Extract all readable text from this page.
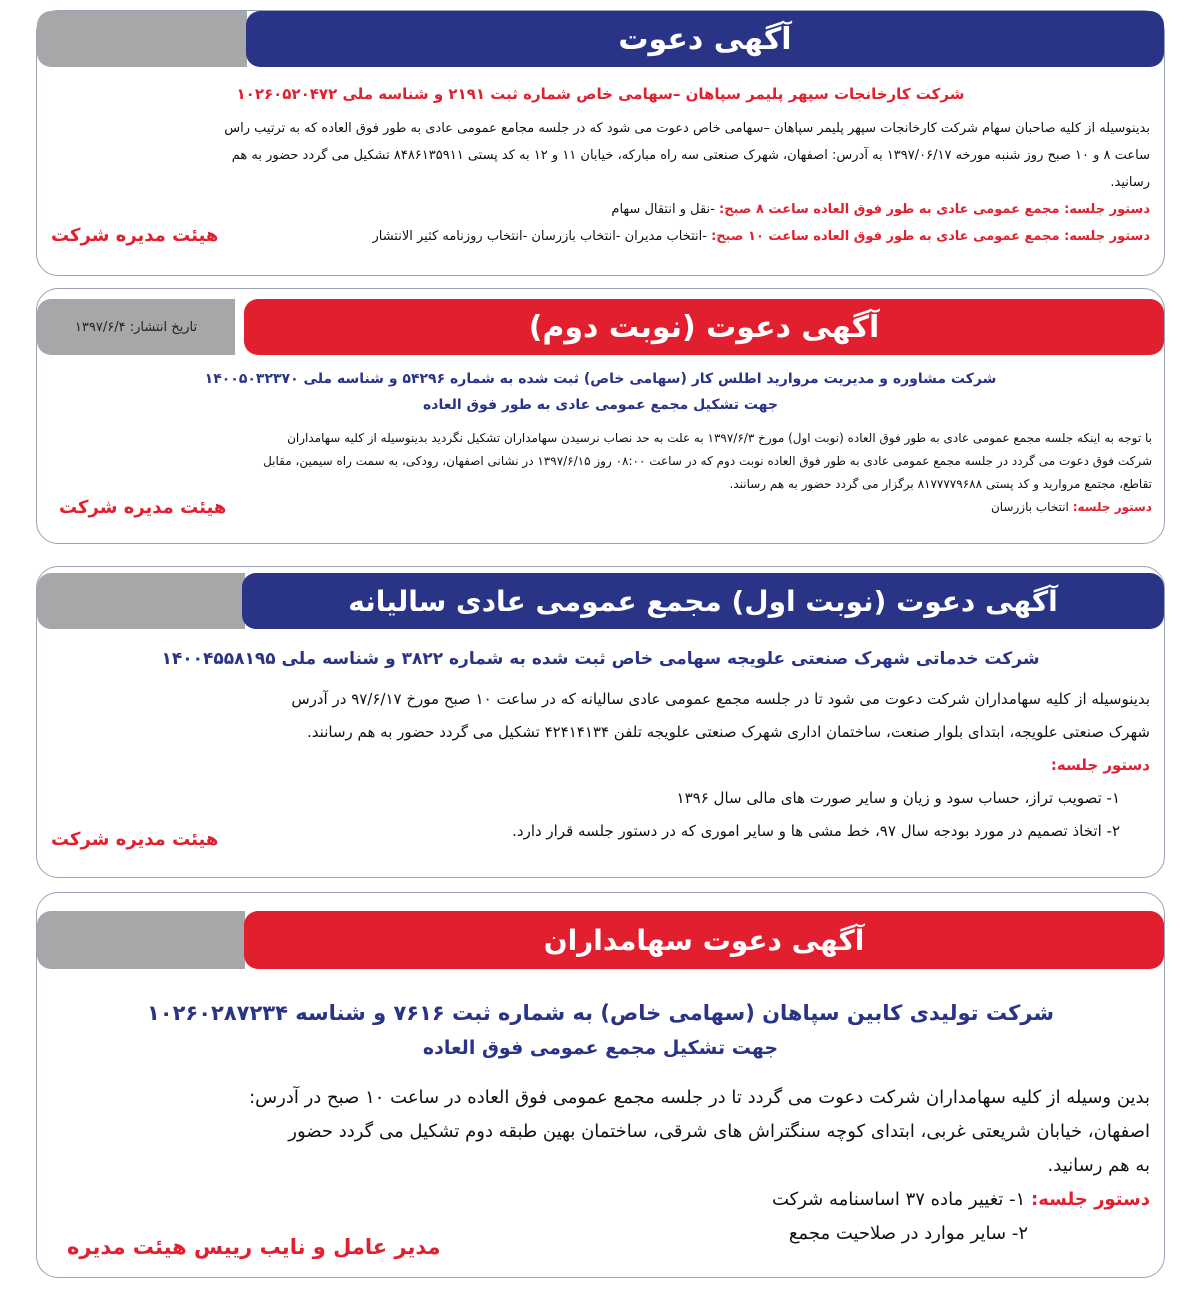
آگهی دعوت
شرکت کارخانجات سپهر پلیمر سپاهان –سهامی خاص شماره ثبت ۲۱۹۱ و شناسه ملی ۱۰۲۶۰۵۲۰۴۷۲
بدینوسیله از کلیه صاحبان سهام شرکت کارخانجات سپهر پلیمر سپاهان –سهامی خاص دعوت می شود که در جلسه مجامع عمومی عادی به طور فوق العاده که به ترتیب راس
ساعت ۸ و ۱۰ صبح روز شنبه مورخه ۱۳۹۷/۰۶/۱۷ به آدرس: اصفهان، شهرک صنعتی سه راه مبارکه، خیابان ۱۱ و ۱۲ به کد پستی ۸۴۸۶۱۳۵۹۱۱ تشکیل می گردد حضور به هم
رسانید.
دستور جلسه: مجمع عمومی عادی به طور فوق العاده ساعت ۸ صبح: -نقل و انتقال سهام
دستور جلسه: مجمع عمومی عادی به طور فوق العاده ساعت ۱۰ صبح: -انتخاب مدیران -انتخاب بازرسان -انتخاب روزنامه کثیر الانتشار
هیئت مدیره شرکت
تاریخ انتشار: ۱۳۹۷/۶/۴	آگهی دعوت (نوبت دوم)
شرکت مشاوره و مدیریت مروارید اطلس کار (سهامی خاص) ثبت شده به شماره ۵۴۲۹۶ و شناسه ملی ۱۴۰۰۵۰۳۲۳۷۰
جهت تشکیل مجمع عمومی عادی به طور فوق العاده
با توجه به اینکه جلسه مجمع عمومی عادی به طور فوق العاده (نوبت اول) مورخ ۱۳۹۷/۶/۳ به علت به حد نصاب نرسیدن سهامداران تشکیل نگردید بدینوسیله از کلیه سهامداران
شرکت فوق دعوت می گردد در جلسه مجمع عمومی عادی به طور فوق العاده نوبت دوم که در ساعت ۰۸:۰۰ روز ۱۳۹۷/۶/۱۵ در نشانی اصفهان، رودکی، به سمت راه سیمین، مقابل
تقاطع، مجتمع مروارید و کد پستی ۸۱۷۷۷۷۹۶۸۸ برگزار می گردد حضور به هم رسانند.
دستور جلسه: انتخاب بازرسان
هیئت مدیره شرکت
آگهی دعوت (نوبت اول) مجمع عمومی عادی سالیانه
شرکت خدماتی شهرک صنعتی علویجه سهامی خاص ثبت شده به شماره ۳۸۲۲ و شناسه ملی ۱۴۰۰۴۵۵۸۱۹۵
بدینوسیله از کلیه سهامداران شرکت دعوت می شود تا در جلسه مجمع عمومی عادی سالیانه که در ساعت ۱۰ صبح مورخ ۹۷/۶/۱۷ در آدرس
شهرک صنعتی علویجه، ابتدای بلوار صنعت، ساختمان اداری شهرک صنعتی علویجه تلفن ۴۲۴۱۴۱۳۴ تشکیل می گردد حضور به هم رسانند.
دستور جلسه:
۱- تصویب تراز، حساب سود و زیان و سایر صورت های مالی سال ۱۳۹۶
۲- اتخاذ تصمیم در مورد بودجه سال ۹۷، خط مشی ها و سایر اموری که در دستور جلسه قرار دارد.
هیئت مدیره شرکت
آگهی دعوت سهامداران
شرکت تولیدی کابین سپاهان (سهامی خاص) به شماره ثبت ۷۶۱۶ و شناسه ۱۰۲۶۰۲۸۷۲۳۴
جهت تشکیل مجمع عمومی فوق العاده
بدین وسیله از کلیه سهامداران شرکت دعوت می گردد تا در جلسه مجمع عمومی فوق العاده در ساعت ۱۰ صبح در آدرس:
اصفهان، خیابان شریعتی غربی، ابتدای کوچه سنگتراش های شرقی، ساختمان بهین طبقه دوم تشکیل می گردد حضور
به هم رسانید.
دستور جلسه: ۱- تغییر ماده ۳۷ اساسنامه شرکت
۲- سایر موارد در صلاحیت مجمع
مدیر عامل و نایب رییس هیئت مدیره
